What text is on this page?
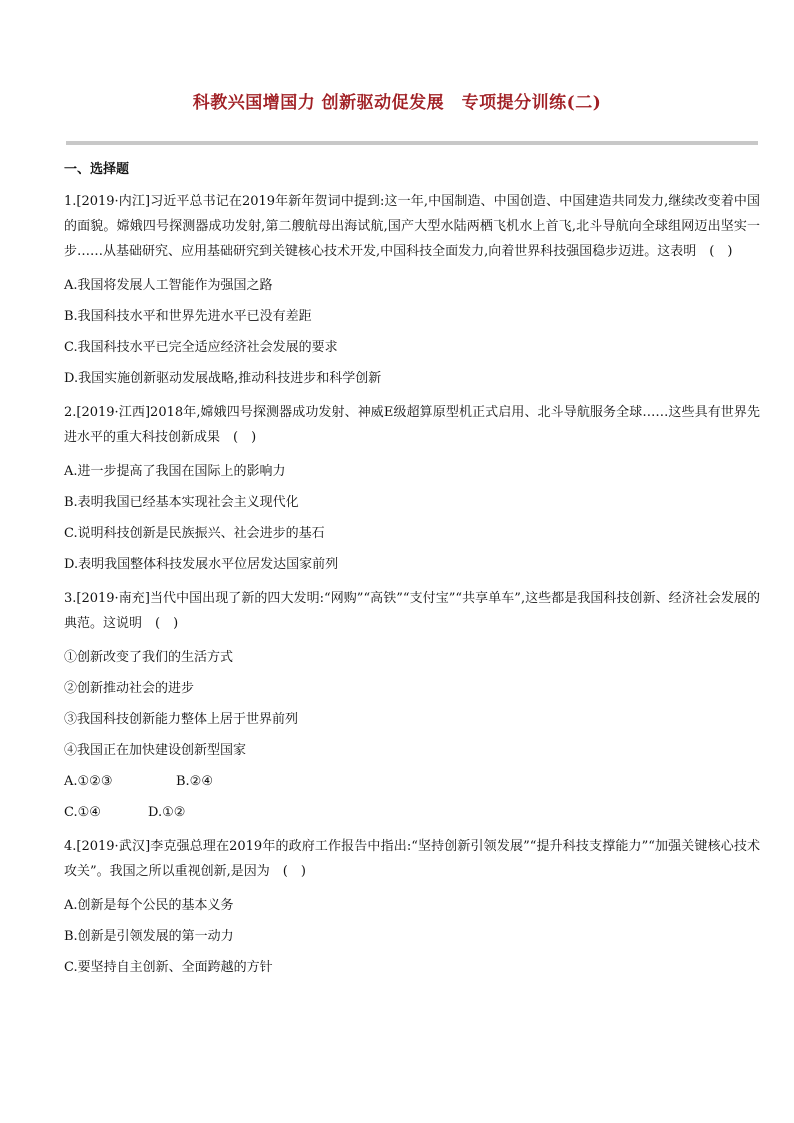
科教兴国增国力 创新驱动促发展　专项提分训练(二)
一、选择题

1.[2019·内江]习近平总书记在2019年新年贺词中提到:这一年,中国制造、中国创造、中国建造共同发力,继续改变着中国的面貌。嫦娥四号探测器成功发射,第二艘航母出海试航,国产大型水陆两栖飞机水上首飞,北斗导航向全球组网迈出坚实一步……从基础研究、应用基础研究到关键核心技术开发,中国科技全面发力,向着世界科技强国稳步迈进。这表明　(　)

A.我国将发展人工智能作为强国之路
B.我国科技水平和世界先进水平已没有差距
C.我国科技水平已完全适应经济社会发展的要求
D.我国实施创新驱动发展战略,推动科技进步和科学创新

2.[2019·江西]2018年,嫦娥四号探测器成功发射、神威E级超算原型机正式启用、北斗导航服务全球……这些具有世界先进水平的重大科技创新成果　(　)

A.进一步提高了我国在国际上的影响力
B.表明我国已经基本实现社会主义现代化
C.说明科技创新是民族振兴、社会进步的基石
D.表明我国整体科技发展水平位居发达国家前列

3.[2019·南充]当代中国出现了新的四大发明:“网购”“高铁”“支付宝”“共享单车”,这些都是我国科技创新、经济社会发展的典范。这说明　(　)

①创新改变了我们的生活方式
②创新推动社会的进步
③我国科技创新能力整体上居于世界前列
④我国正在加快建设创新型国家
A.①②③	B.②④
C.①④	D.①②

4.[2019·武汉]李克强总理在2019年的政府工作报告中指出:“坚持创新引领发展”“提升科技支撑能力”“加强关键核心技术攻关”。我国之所以重视创新,是因为　(　)

A.创新是每个公民的基本义务
B.创新是引领发展的第一动力
C.要坚持自主创新、全面跨越的方针
